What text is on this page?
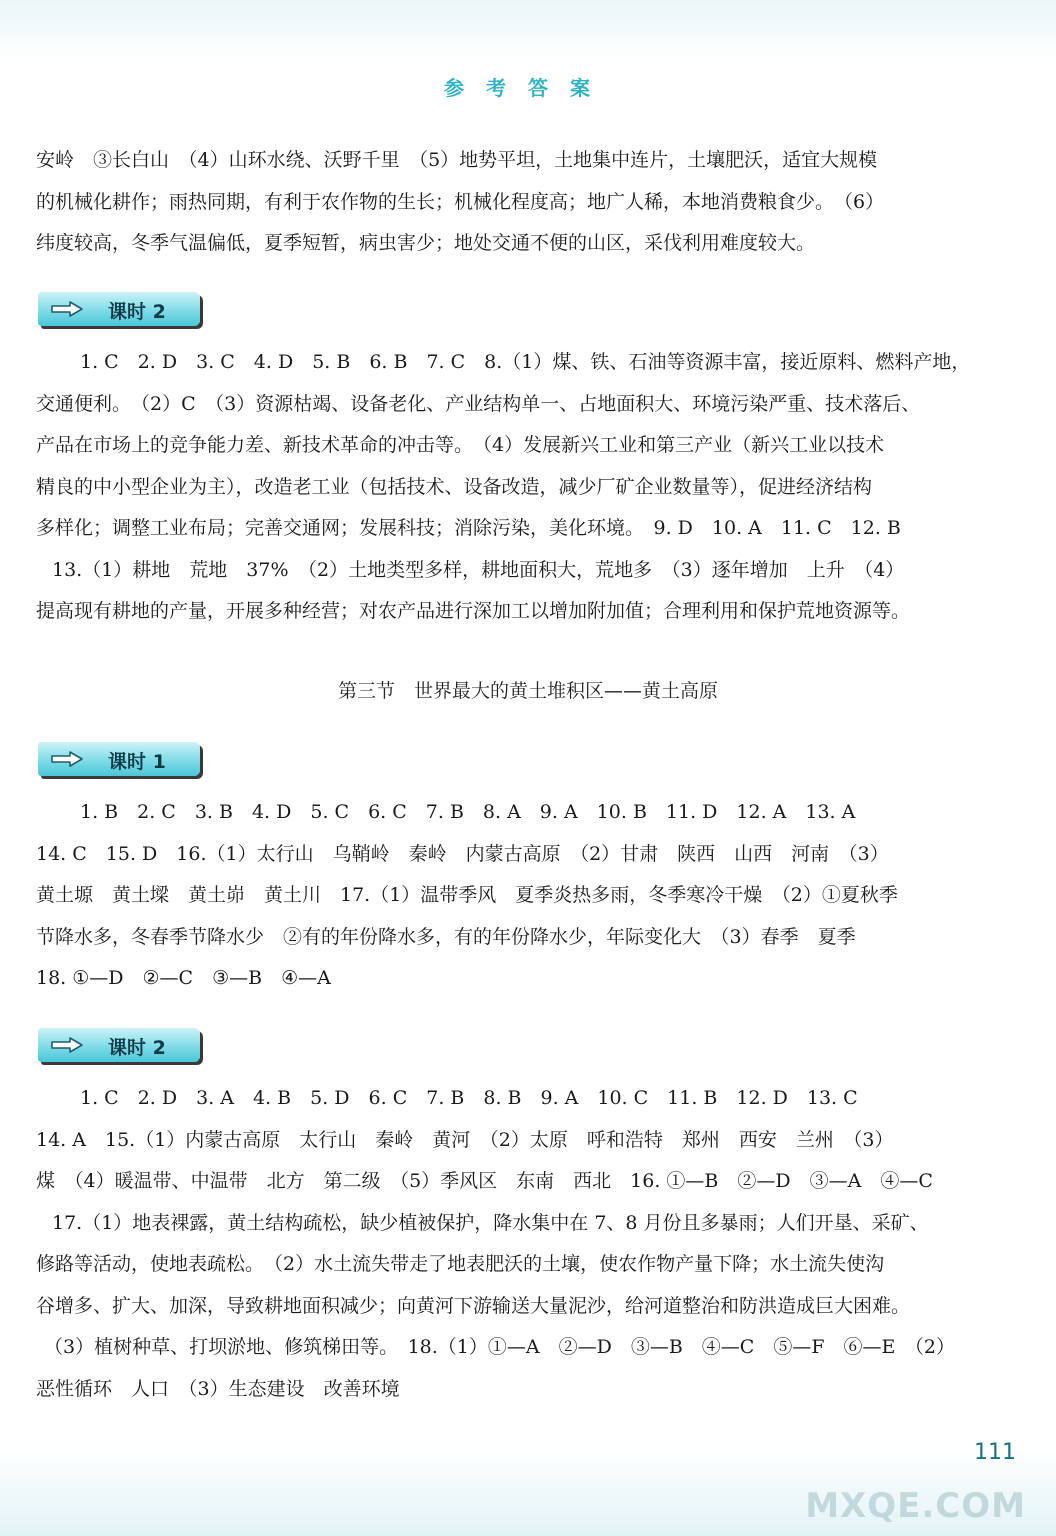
参考答案

安岭　③长白山　（4）山环水绕、沃野千里　（5）地势平坦，土地集中连片，土壤肥沃，适宜大规模

的机械化耕作；雨热同期，有利于农作物的生长；机械化程度高；地广人稀，本地消费粮食少。　（6）

纬度较高，冬季气温偏低，夏季短暂，病虫害少；地处交通不便的山区，采伐利用难度较大。

课时 2

1. C　2. D　3. C　4. D　5. B　6. B　7. C　8.（1）煤、铁、石油等资源丰富，接近原料、燃料产地，

交通便利。　（2）C　（3）资源枯竭、设备老化、产业结构单一、占地面积大、环境污染严重、技术落后、

产品在市场上的竞争能力差、新技术革命的冲击等。　（4）发展新兴工业和第三产业（新兴工业以技术

精良的中小型企业为主），改造老工业（包括技术、设备改造，减少厂矿企业数量等），促进经济结构

多样化；调整工业布局；完善交通网；发展科技；消除污染，美化环境。　9. D　10. A　11. C　12. B

13.（1）耕地　荒地　37%　（2）土地类型多样，耕地面积大，荒地多　（3）逐年增加　上升　（4）

提高现有耕地的产量，开展多种经营；对农产品进行深加工以增加附加值；合理利用和保护荒地资源等。

第三节　世界最大的黄土堆积区——黄土高原
课时 1

1. B　2. C　3. B　4. D　5. C　6. C　7. B　8. A　9. A　10. B　11. D　12. A　13. A

14. C　15. D　16.（1）太行山　乌鞘岭　秦岭　内蒙古高原　（2）甘肃　陕西　山西　河南　（3）

黄土塬　黄土墚　黄土峁　黄土川　17.（1）温带季风　夏季炎热多雨，冬季寒冷干燥　（2）①夏秋季

节降水多，冬春季节降水少　②有的年份降水多，有的年份降水少，年际变化大　（3）春季　夏季

18. ①—D　②—C　③—B　④—A

课时 2

1. C　2. D　3. A　4. B　5. D　6. C　7. B　8. B　9. A　10. C　11. B　12. D　13. C

14. A　15.（1）内蒙古高原　太行山　秦岭　黄河　（2）太原　呼和浩特　郑州　西安　兰州　（3）

煤　（4）暖温带、中温带　北方　第二级　（5）季风区　东南　西北　16. ①—B　②—D　③—A　④—C

17.（1）地表裸露，黄土结构疏松，缺少植被保护，降水集中在 7、8 月份且多暴雨；人们开垦、采矿、

修路等活动，使地表疏松。　（2）水土流失带走了地表肥沃的土壤，使农作物产量下降；水土流失使沟

谷增多、扩大、加深，导致耕地面积减少；向黄河下游输送大量泥沙，给河道整治和防洪造成巨大困难。

（3）植树种草、打坝淤地、修筑梯田等。　18.（1）①—A　②—D　③—B　④—C　⑤—F　⑥—E　（2）

恶性循环　人口　（3）生态建设　改善环境

111
MXQE.COM
